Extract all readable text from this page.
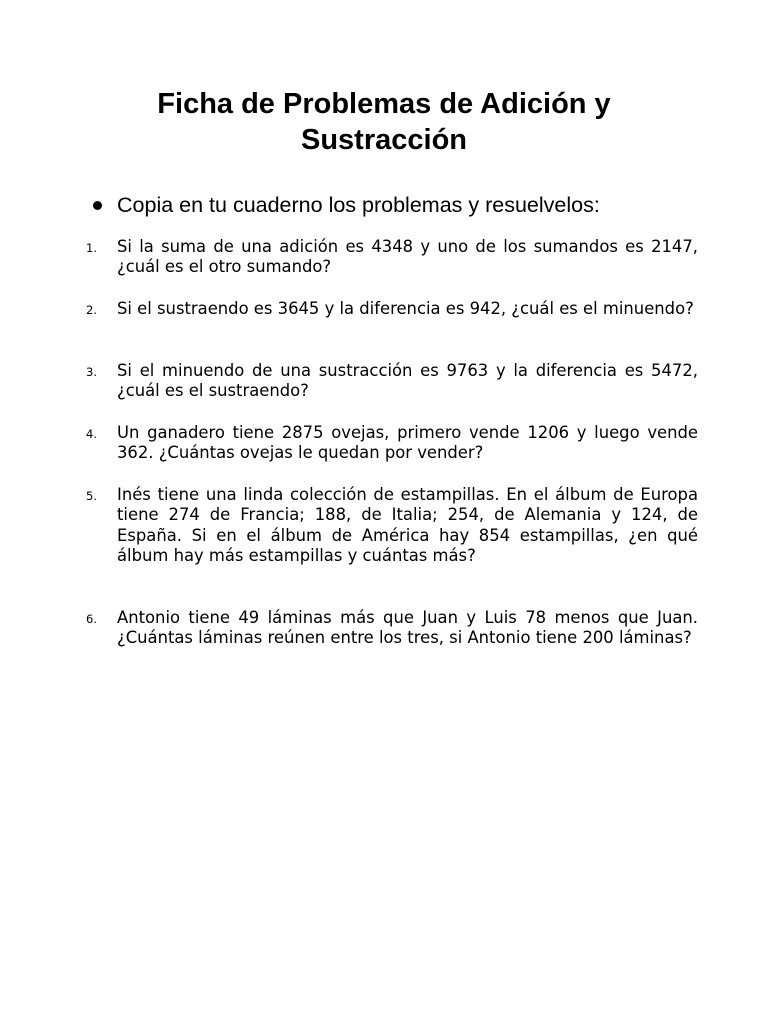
Ficha de Problemas de Adición y Sustracción
Copia en tu cuaderno los problemas y resuelvelos:
1.	Si la suma de una adición es 4348 y uno de los sumandos es 2147, ¿cuál es el otro sumando?

2.	Si el sustraendo es 3645 y la diferencia es 942, ¿cuál es el minuendo?

3.	Si el minuendo de una sustracción es 9763 y la diferencia es 5472, ¿cuál es el sustraendo?

4.	Un ganadero tiene 2875 ovejas, primero vende 1206 y luego vende 362. ¿Cuántas ovejas le quedan por vender?

5.	Inés tiene una linda colección de estampillas. En el álbum de Europa tiene 274 de Francia; 188, de Italia; 254, de Alemania y 124, de España. Si en el álbum de América hay 854 estampillas, ¿en qué álbum hay más estampillas y cuántas más?

6.	Antonio tiene 49 láminas más que Juan y Luis 78 menos que Juan. ¿Cuántas láminas reúnen entre los tres, si Antonio tiene 200 láminas?
